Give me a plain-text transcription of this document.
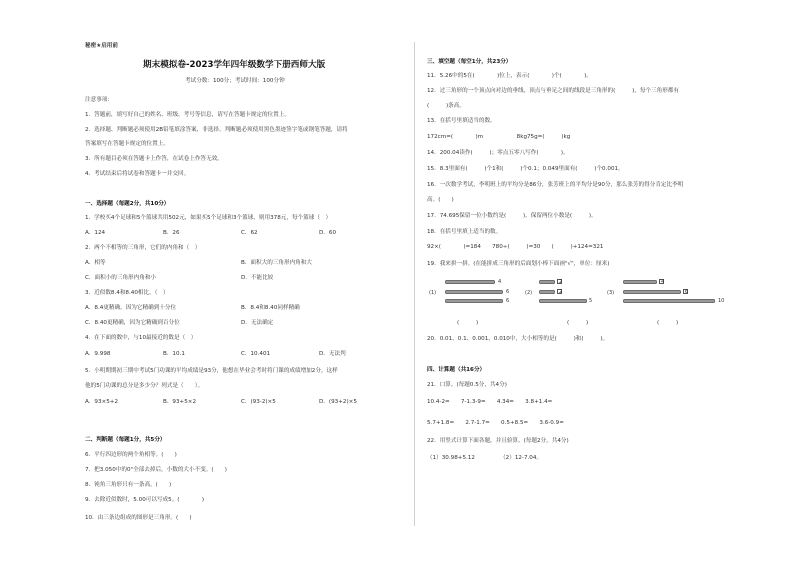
秘密★启用前
期末模拟卷-2023学年四年级数学下册西师大版
考试分数：100分；考试时间：100分钟
注意事项：
1．答题前，填写好自己的姓名、班级、考号等信息，请写在答题卡规定的位置上。
2．选择题、判断题必须使用2B铅笔填涂答案，非选择、判断题必须使用黑色墨迹签字笔或钢笔答题，请将
答案填写在答题卡规定的位置上。
3．所有题目必须在答题卡上作答，在试卷上作答无效。
4．考试结束后将试卷和答题卡一并交回。
一、选择题（每题2分，共10分）
1．学校买4个足球和5个篮球共用502元，如果买5个足球和3个篮球，则用378元，每个篮球（　）
A．124	B．26	C．62	D．60
2．两个不相等的三角形，它们的内角和（　）
A．相等	B．面积大的三角形内角和大
C．面积小的三角形内角和小	D．不能比较
3．近似数8.4和8.40相比，（　）
A．8.4更精确，因为它精确到十分位	B．8.4和8.40同样精确
C．8.40更精确，因为它精确到百分位	D．无法确定
4．在下面的数中，与10最接近的数是（　）
A．9.998	B．10.1	C．10.401	D．无法判
5．小明期期初三期中考试5门功课的平均成绩是93分，他想在毕业会考时将门课的成绩增加2分，这样
他的5门功课的总分是多少分？列式是（　　）。
A．93×5+2	B．93+5×2	C．(93-2)×5	D．(93+2)×5
二、判断题（每题1分，共5分）
6．平行四边形的两个角相等。(　　)
7．把3.050中的0"全部去掉后，小数的大小不变。(　　)
8．钝角三角形只有一条高。(　　)
9．去除近似数时，5.00可以写成5。(　　　　)
10．由三条边组成的图形是三角形。(　　)
三、填空题（每空1分，共23分）
11．5.26中的5在(　　　　)位上，表示(　　　　)个(　　　　)。
12．过三角形的一个顶点向对边的垂线，顶点与垂足之间的线段是三角形的(　　　)，每个三角形都有
(　　　)条高。
13．在括号里填适当的数。
172cm=(　　　　)m　　　　　　8kg75g=(　　　)kg
14．200.04读作(　　　)；零点五零八写作(　　　　)。
15．8.3里面有(　　　)个1和(　　　)个0.1；0.049里面有(　　　)个0.001。
16．一次数学考试，李明班上的平均分是86分，张芳班上的平均分是90分，那么张芳的得分肯定比李明
高。(　　)
17．74.695保留一位小数约是(　　　)，保留两位小数是(　　　)。
18．在括号里填上适当的数。
92×(　　　　)=184　　780÷(　　　)=30　　(　　　)+124=321
19．我来拼一拼。(在能拼成三角形的后面划小棒下面画"√"，单位：厘米)
(1)
4
6
6
(2)
2
2
5
(3)
4
6
10
(　　　)	(　　　)	(　　　)
20．0.01、0.1、0.001、0.010中，大小相等的是(　　　)和(　　　)。
四、计算题（共16分）
21．口算。(每题0.5分，共4分)
10.4-2=　　7-1.3-9=　　4.34=　　3.8+1.4=
5.7+1.8=　　2.7-1.7=　　0.5+8.5=　　3.6-0.9=
22．用竖式计算下面各题，并且验算。(每题2分，共4分)
（1）30.98+5.12　　　　　（2）12-7.04。
